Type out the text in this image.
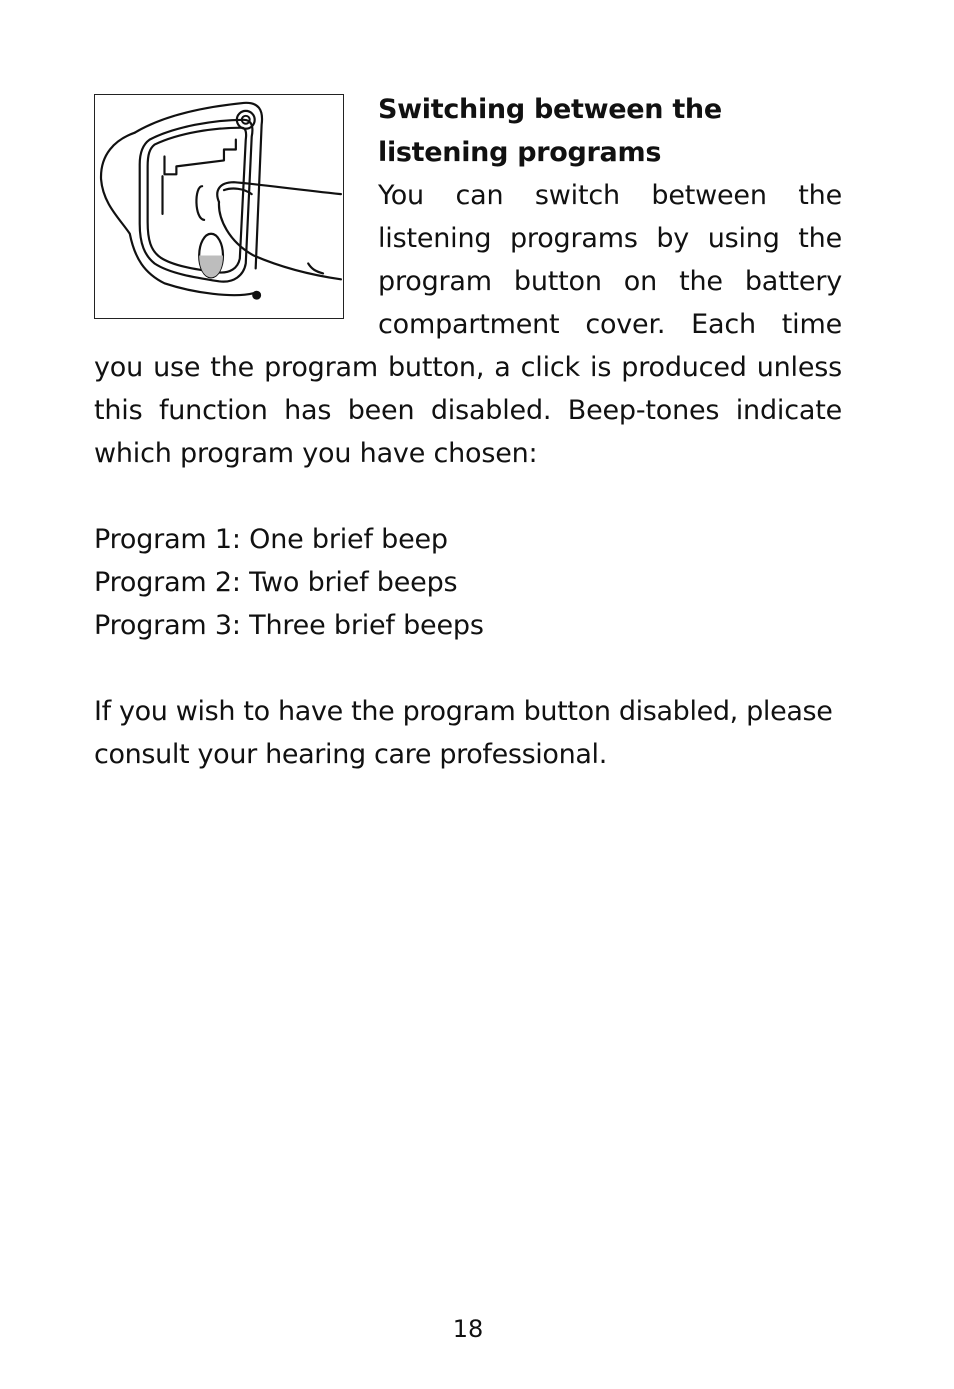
Switching between the listening programs

You can switch between the listening programs by using the program button on the battery compartment cover. Each time you use the program button, a click is produced unless this function has been disabled. Beep-tones indicate which program you have chosen:

Program 1: One brief beep
Program 2: Two brief beeps
Program 3: Three brief beeps

If you wish to have the program button disabled, please consult your hearing care professional.

18
